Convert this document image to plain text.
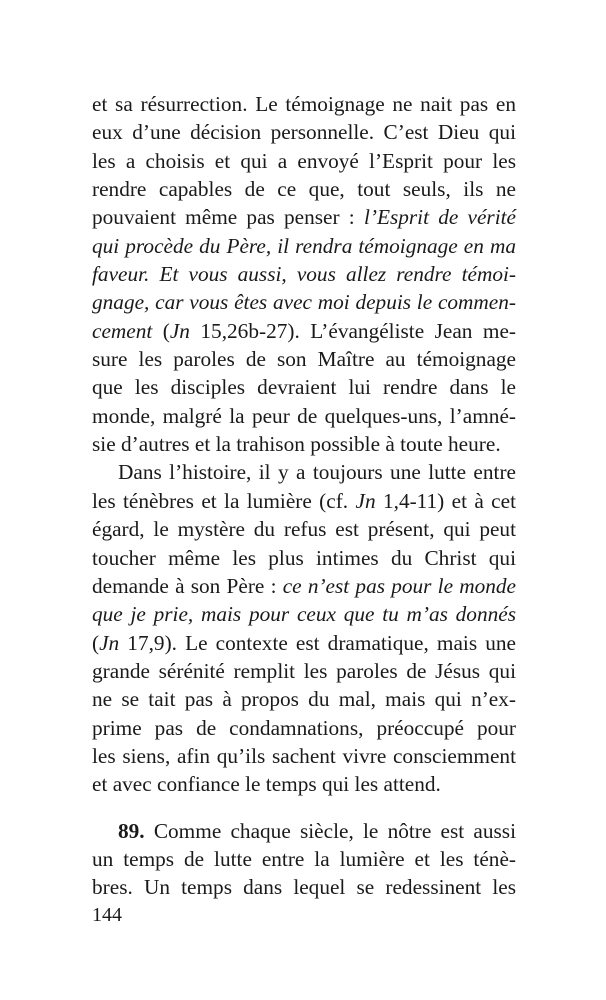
et sa résurrection. Le témoignage ne nait pas en
eux d’une décision personnelle. C’est Dieu qui
les a choisis et qui a envoyé l’Esprit pour les
rendre capables de ce que, tout seuls, ils ne
pouvaient même pas penser : l’Esprit de vérité
qui procède du Père, il rendra témoignage en ma
faveur. Et vous aussi, vous allez rendre témoi-
gnage, car vous êtes avec moi depuis le commen-
cement (Jn 15,26b-27). L’évangéliste Jean me-
sure les paroles de son Maître au témoignage
que les disciples devraient lui rendre dans le
monde, malgré la peur de quelques-uns, l’amné-
sie d’autres et la trahison possible à toute heure.
Dans l’histoire, il y a toujours une lutte entre
les ténèbres et la lumière (cf. Jn 1,4-11) et à cet
égard, le mystère du refus est présent, qui peut
toucher même les plus intimes du Christ qui
demande à son Père : ce n’est pas pour le monde
que je prie, mais pour ceux que tu m’as donnés
(Jn 17,9). Le contexte est dramatique, mais une
grande sérénité remplit les paroles de Jésus qui
ne se tait pas à propos du mal, mais qui n’ex-
prime pas de condamnations, préoccupé pour
les siens, afin qu’ils sachent vivre consciemment
et avec confiance le temps qui les attend.
89. Comme chaque siècle, le nôtre est aussi
un temps de lutte entre la lumière et les ténè-
bres. Un temps dans lequel se redessinent les
144
